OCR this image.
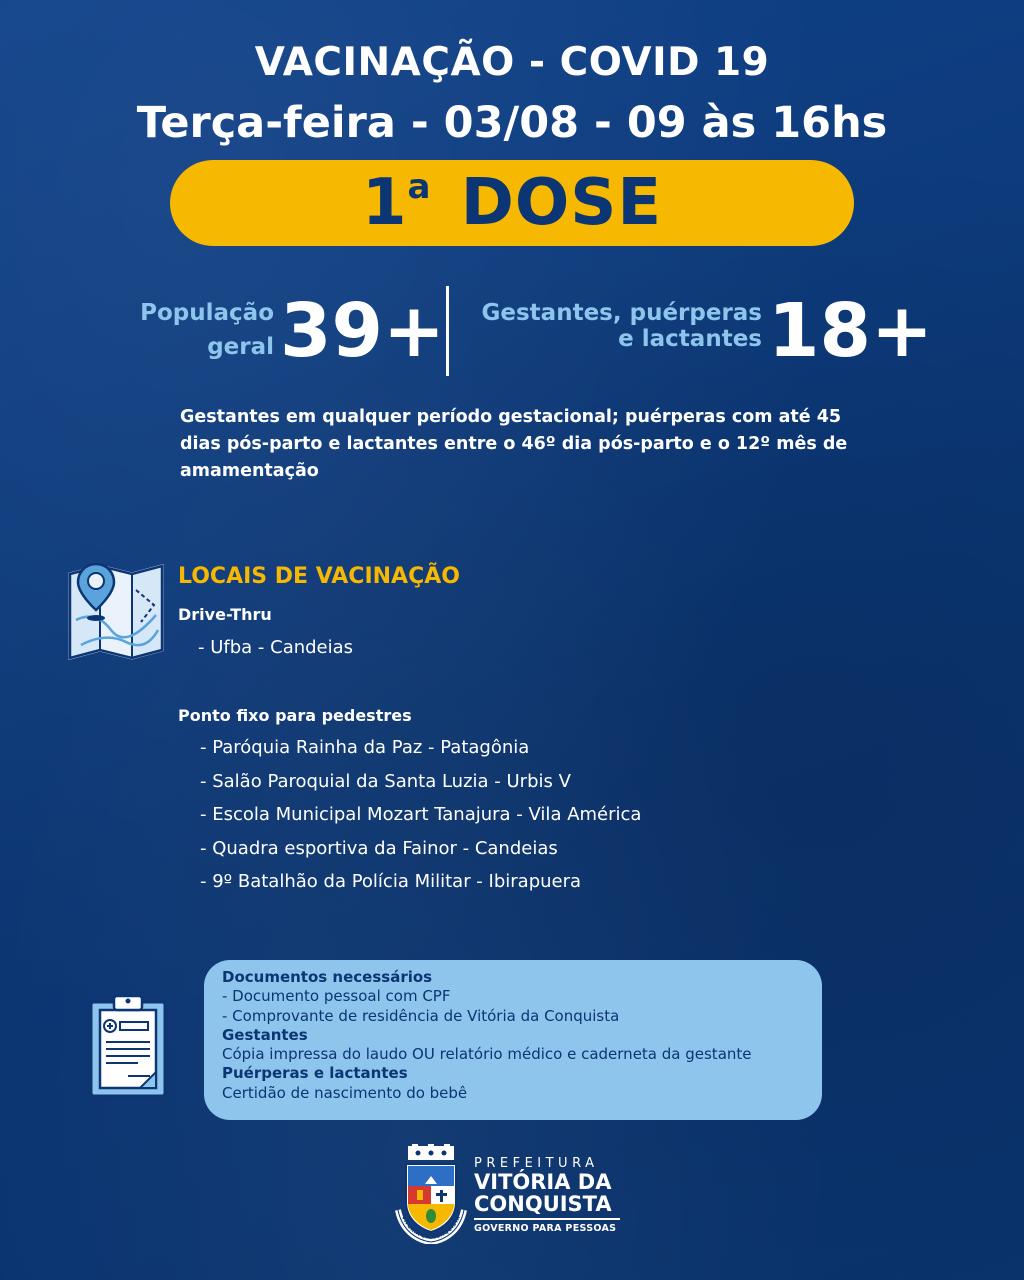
VACINAÇÃO - COVID 19
Terça-feira - 03/08 - 09 às 16hs
1$^a$ DOSE
População
geral 39+	Gestantes, puérperas
e lactantes 18+
Gestantes em qualquer período gestacional; puérperas com até 45 dias pós-parto e lactantes entre o 46º dia pós-parto e o 12º mês de amamentação
LOCAIS DE VACINAÇÃO
Drive-Thru
- Ufba - Candeias
Ponto fixo para pedestres
- Paróquia Rainha da Paz - Patagônia
- Salão Paroquial da Santa Luzia - Urbis V
- Escola Municipal Mozart Tanajura - Vila América
- Quadra esportiva da Fainor - Candeias
- 9º Batalhão da Polícia Militar - Ibirapuera
Documentos necessários
- Documento pessoal com CPF
- Comprovante de residência de Vitória da Conquista
Gestantes
Cópia impressa do laudo OU relatório médico e caderneta da gestante
Puérperas e lactantes
Certidão de nascimento do bebê
VITÓRIA DA CONQUISTA
PREFEITURA
VITÓRIA DA
CONQUISTA
GOVERNO PARA PESSOAS
